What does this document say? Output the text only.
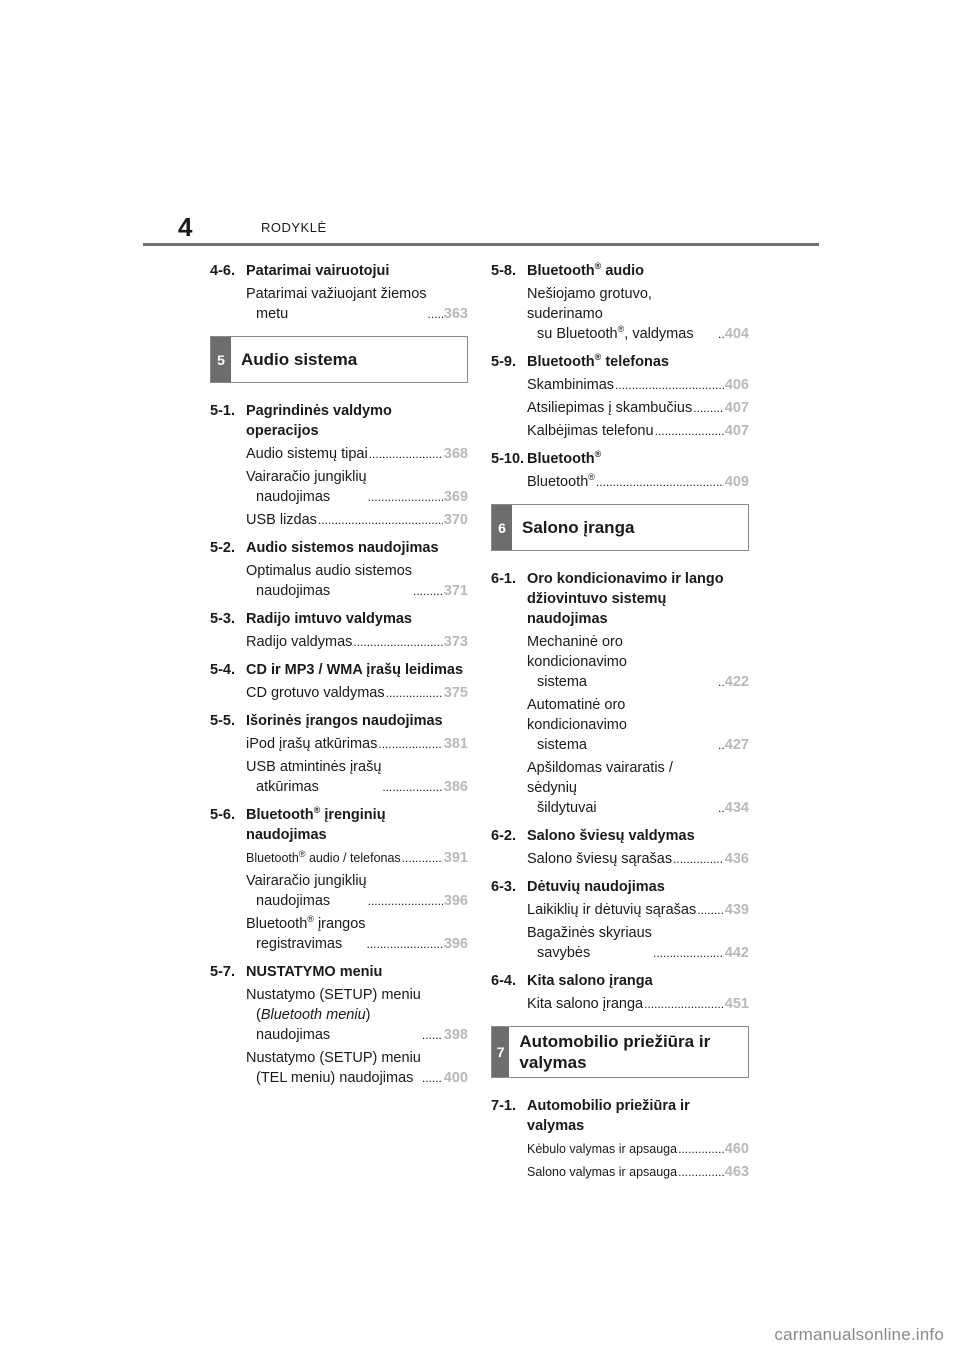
4	RODYKLĖ
4-6. Patarimai vairuotojui
Patarimai važiuojant žiemos
metu .....	363
5 Audio sistema
5-1. Pagrindinės valdymo operacijos
Audio sistemų tipai .....	368
Vairaračio jungiklių
naudojimas .....	369
USB lizdas .....	370
5-2. Audio sistemos naudojimas
Optimalus audio sistemos
naudojimas .....	371
5-3. Radijo imtuvo valdymas
Radijo valdymas .....	373
5-4. CD ir MP3 / WMA įrašų leidimas
CD grotuvo valdymas .....	375
5-5. Išorinės įrangos naudojimas
iPod įrašų atkūrimas .....	381
USB atmintinės įrašų
atkūrimas .....	386
5-6. Bluetooth® įrenginių naudojimas
Bluetooth® audio / telefonas .....	391
Vairaračio jungiklių
naudojimas .....	396
Bluetooth® įrangos
registravimas .....	396
5-7. NUSTATYMO meniu
Nustatymo (SETUP) meniu
(Bluetooth meniu)
naudojimas .....	398
Nustatymo (SETUP) meniu
(TEL meniu) naudojimas .....	400
5-8. Bluetooth® audio
Nešiojamo grotuvo, suderinamo
su Bluetooth®, valdymas .....	404
5-9. Bluetooth® telefonas
Skambinimas .....	406
Atsiliepimas į skambučius ..... 407
Kalbėjimas telefonu .....	407
5-10. Bluetooth®
Bluetooth® .....	409
6 Salono įranga
6-1. Oro kondicionavimo ir lango džiovintuvo sistemų naudojimas
Mechaninė oro kondicionavimo
sistema .....	422
Automatinė oro kondicionavimo
sistema .....	427
Apšildomas vairaratis / sėdynių
šildytuvai .....	434
6-2. Salono šviesų valdymas
Salono šviesų sąrašas .....	436
6-3. Dėtuvių naudojimas
Laikiklių ir dėtuvių sąrašas ..... 439
Bagažinės skyriaus
savybės .....	442
6-4. Kita salono įranga
Kita salono įranga .....	451
7
Automobilio priežiūra ir valymas
7-1. Automobilio priežiūra ir valymas
Kėbulo valymas ir apsauga .....	460
Salono valymas ir apsauga .....	463
carmanualsonline.info
